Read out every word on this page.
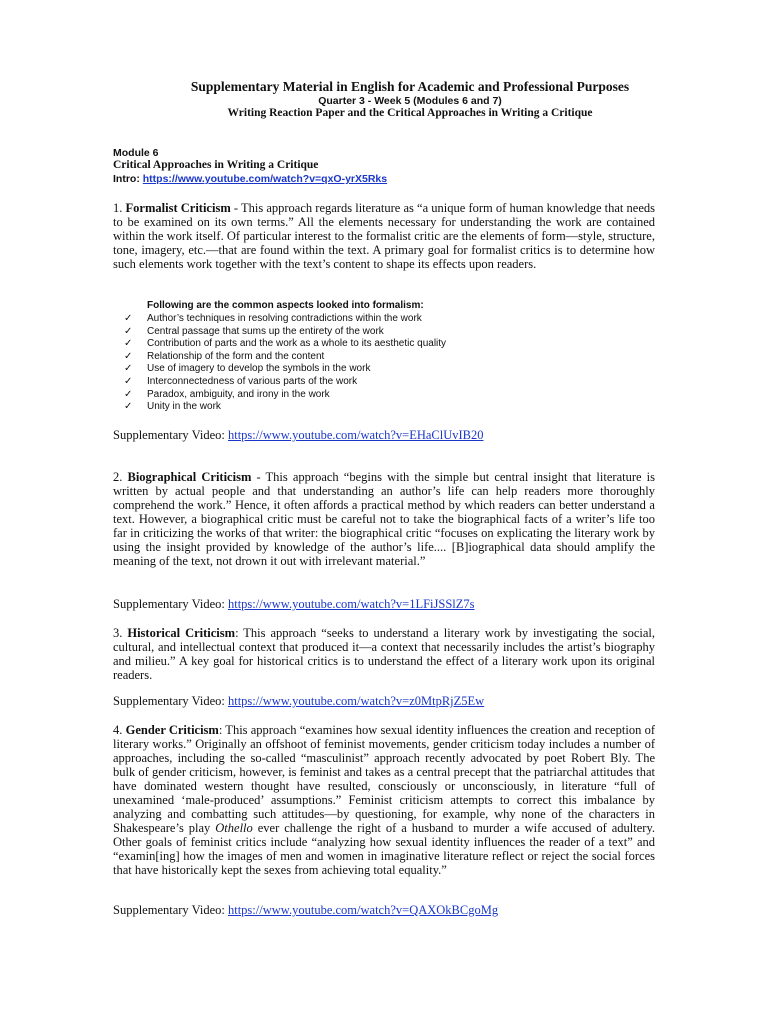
Supplementary Material in English for Academic and Professional Purposes
Quarter 3 - Week 5 (Modules 6 and 7)
Writing Reaction Paper and the Critical Approaches in Writing a Critique
Module 6
Critical Approaches in Writing a Critique
Intro: https://www.youtube.com/watch?v=qxO-yrX5Rks
1. Formalist Criticism - This approach regards literature as “a unique form of human knowledge that needs to be examined on its own terms.” All the elements necessary for understanding the work are contained within the work itself. Of particular interest to the formalist critic are the elements of form—style, structure, tone, imagery, etc.—that are found within the text. A primary goal for formalist critics is to determine how such elements work together with the text’s content to shape its effects upon readers.
Following are the common aspects looked into formalism:
✓ Author’s techniques in resolving contradictions within the work
✓ Central passage that sums up the entirety of the work
✓ Contribution of parts and the work as a whole to its aesthetic quality
✓ Relationship of the form and the content
✓ Use of imagery to develop the symbols in the work
✓ Interconnectedness of various parts of the work
✓ Paradox, ambiguity, and irony in the work
✓ Unity in the work
Supplementary Video: https://www.youtube.com/watch?v=EHaClUvIB20
2. Biographical Criticism - This approach “begins with the simple but central insight that literature is written by actual people and that understanding an author’s life can help readers more thoroughly comprehend the work.” Hence, it often affords a practical method by which readers can better understand a text. However, a biographical critic must be careful not to take the biographical facts of a writer’s life too far in criticizing the works of that writer: the biographical critic “focuses on explicating the literary work by using the insight provided by knowledge of the author’s life.... [B]iographical data should amplify the meaning of the text, not drown it out with irrelevant material.”
Supplementary Video: https://www.youtube.com/watch?v=1LFiJSSlZ7s
3. Historical Criticism: This approach “seeks to understand a literary work by investigating the social, cultural, and intellectual context that produced it—a context that necessarily includes the artist’s biography and milieu.” A key goal for historical critics is to understand the effect of a literary work upon its original readers.
Supplementary Video: https://www.youtube.com/watch?v=z0MtpRjZ5Ew
4. Gender Criticism: This approach “examines how sexual identity influences the creation and reception of literary works.” Originally an offshoot of feminist movements, gender criticism today includes a number of approaches, including the so-called “masculinist” approach recently advocated by poet Robert Bly. The bulk of gender criticism, however, is feminist and takes as a central precept that the patriarchal attitudes that have dominated western thought have resulted, consciously or unconsciously, in literature “full of unexamined ‘male-produced’ assumptions.” Feminist criticism attempts to correct this imbalance by analyzing and combatting such attitudes—by questioning, for example, why none of the characters in Shakespeare’s play Othello ever challenge the right of a husband to murder a wife accused of adultery. Other goals of feminist critics include “analyzing how sexual identity influences the reader of a text” and “examin[ing] how the images of men and women in imaginative literature reflect or reject the social forces that have historically kept the sexes from achieving total equality.”
Supplementary Video: https://www.youtube.com/watch?v=QAXOkBCgoMg
